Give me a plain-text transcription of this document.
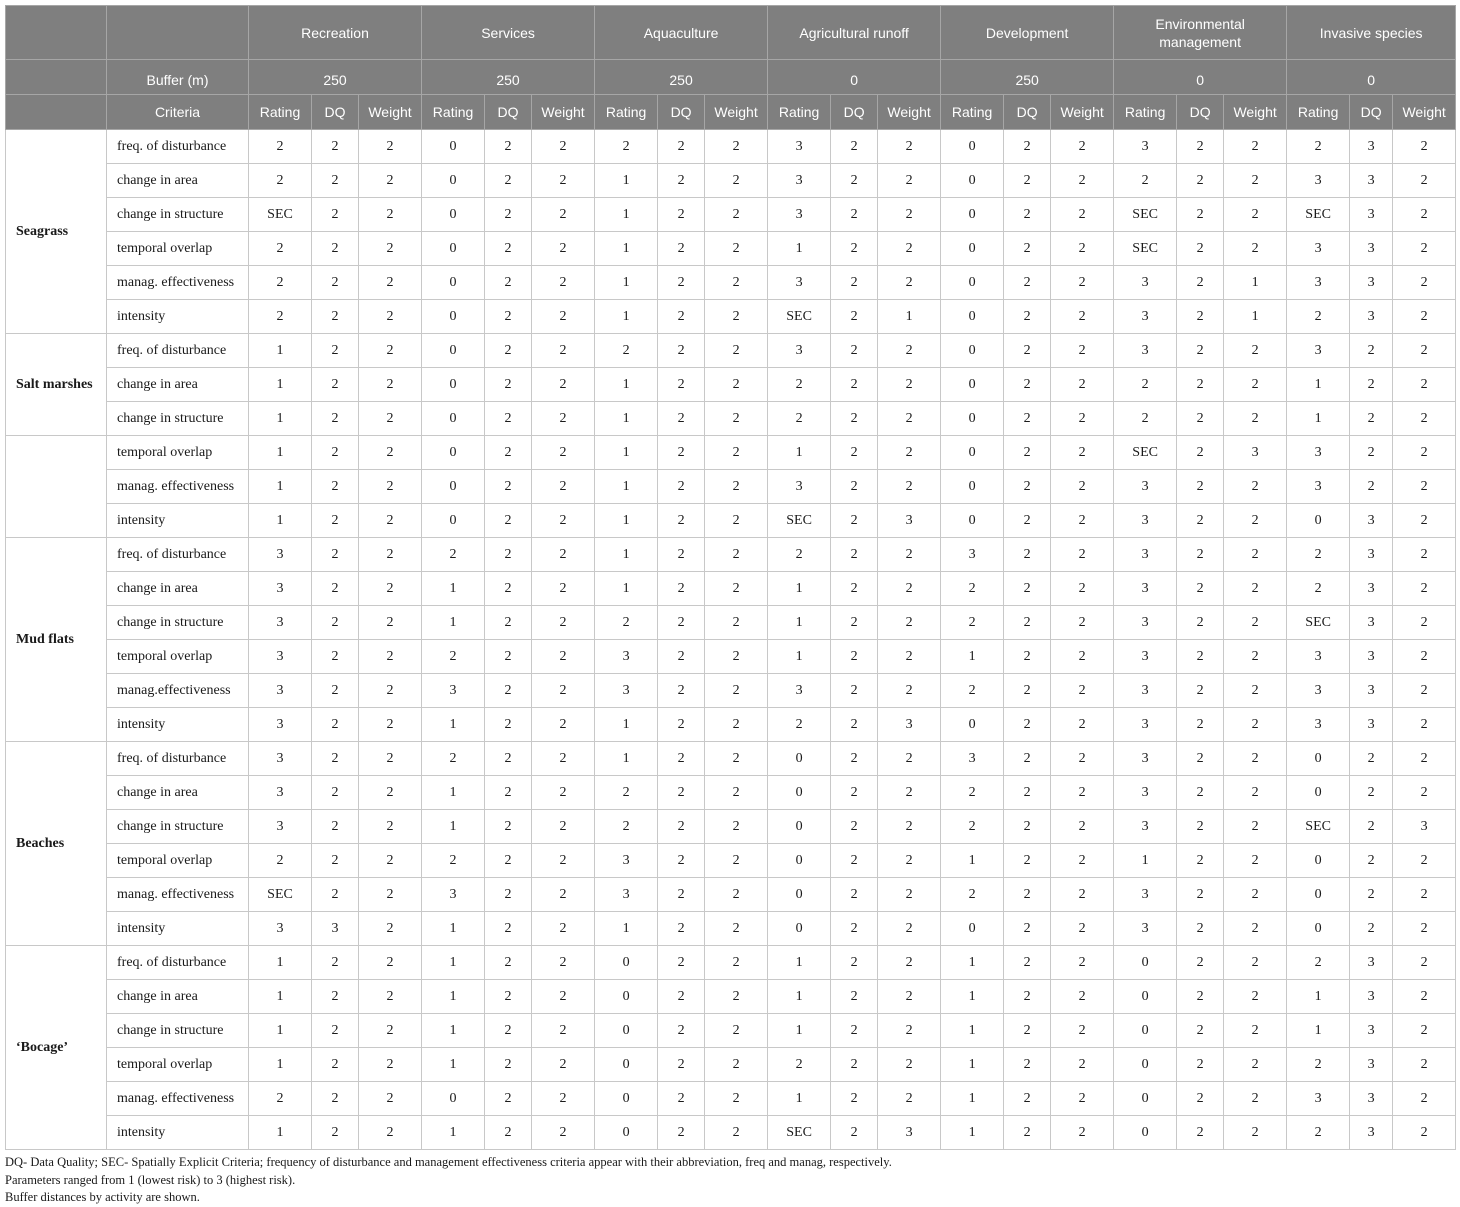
		Recreation			Services			Aquaculture			Agricultural runoff			Development			Environmental management			Invasive species		
	Buffer (m)	250			250			250			0			250			0			0		
	Criteria	Rating	DQ	Weight	Rating	DQ	Weight	Rating	DQ	Weight	Rating	DQ	Weight	Rating	DQ	Weight	Rating	DQ	Weight	Rating	DQ	Weight
Seagrass	freq. of disturbance	2	2	2	0	2	2	2	2	2	3	2	2	0	2	2	3	2	2	2	3	2
	change in area	2	2	2	0	2	2	1	2	2	3	2	2	0	2	2	2	2	2	3	3	2
	change in structure	SEC	2	2	0	2	2	1	2	2	3	2	2	0	2	2	SEC	2	2	SEC	3	2
	temporal overlap	2	2	2	0	2	2	1	2	2	1	2	2	0	2	2	SEC	2	2	3	3	2
	manag. effectiveness	2	2	2	0	2	2	1	2	2	3	2	2	0	2	2	3	2	1	3	3	2
	intensity	2	2	2	0	2	2	1	2	2	SEC	2	1	0	2	2	3	2	1	2	3	2
Salt marshes	freq. of disturbance	1	2	2	0	2	2	2	2	2	3	2	2	0	2	2	3	2	2	3	2	2
	change in area	1	2	2	0	2	2	1	2	2	2	2	2	0	2	2	2	2	2	1	2	2
	change in structure	1	2	2	0	2	2	1	2	2	2	2	2	0	2	2	2	2	2	1	2	2
	temporal overlap	1	2	2	0	2	2	1	2	2	1	2	2	0	2	2	SEC	2	3	3	2	2
	manag. effectiveness	1	2	2	0	2	2	1	2	2	3	2	2	0	2	2	3	2	2	3	2	2
	intensity	1	2	2	0	2	2	1	2	2	SEC	2	3	0	2	2	3	2	2	0	3	2
Mud flats	freq. of disturbance	3	2	2	2	2	2	1	2	2	2	2	2	3	2	2	3	2	2	2	3	2
	change in area	3	2	2	1	2	2	1	2	2	1	2	2	2	2	2	3	2	2	2	3	2
	change in structure	3	2	2	1	2	2	2	2	2	1	2	2	2	2	2	3	2	2	SEC	3	2
	temporal overlap	3	2	2	2	2	2	3	2	2	1	2	2	1	2	2	3	2	2	3	3	2
	manag.effectiveness	3	2	2	3	2	2	3	2	2	3	2	2	2	2	2	3	2	2	3	3	2
	intensity	3	2	2	1	2	2	1	2	2	2	2	3	0	2	2	3	2	2	3	3	2
Beaches	freq. of disturbance	3	2	2	2	2	2	1	2	2	0	2	2	3	2	2	3	2	2	0	2	2
	change in area	3	2	2	1	2	2	2	2	2	0	2	2	2	2	2	3	2	2	0	2	2
	change in structure	3	2	2	1	2	2	2	2	2	0	2	2	2	2	2	3	2	2	SEC	2	3
	temporal overlap	2	2	2	2	2	2	3	2	2	0	2	2	1	2	2	1	2	2	0	2	2
	manag. effectiveness	SEC	2	2	3	2	2	3	2	2	0	2	2	2	2	2	3	2	2	0	2	2
	intensity	3	3	2	1	2	2	1	2	2	0	2	2	0	2	2	3	2	2	0	2	2
‘Bocage’	freq. of disturbance	1	2	2	1	2	2	0	2	2	1	2	2	1	2	2	0	2	2	2	3	2
	change in area	1	2	2	1	2	2	0	2	2	1	2	2	1	2	2	0	2	2	1	3	2
	change in structure	1	2	2	1	2	2	0	2	2	1	2	2	1	2	2	0	2	2	1	3	2
	temporal overlap	1	2	2	1	2	2	0	2	2	2	2	2	1	2	2	0	2	2	2	3	2
	manag. effectiveness	2	2	2	0	2	2	0	2	2	1	2	2	1	2	2	0	2	2	3	3	2
	intensity	1	2	2	1	2	2	0	2	2	SEC	2	3	1	2	2	0	2	2	2	3	2
DQ- Data Quality; SEC- Spatially Explicit Criteria; frequency of disturbance and management effectiveness criteria appear with their abbreviation, freq and manag, respectively.
Parameters ranged from 1 (lowest risk) to 3 (highest risk).
Buffer distances by activity are shown.
